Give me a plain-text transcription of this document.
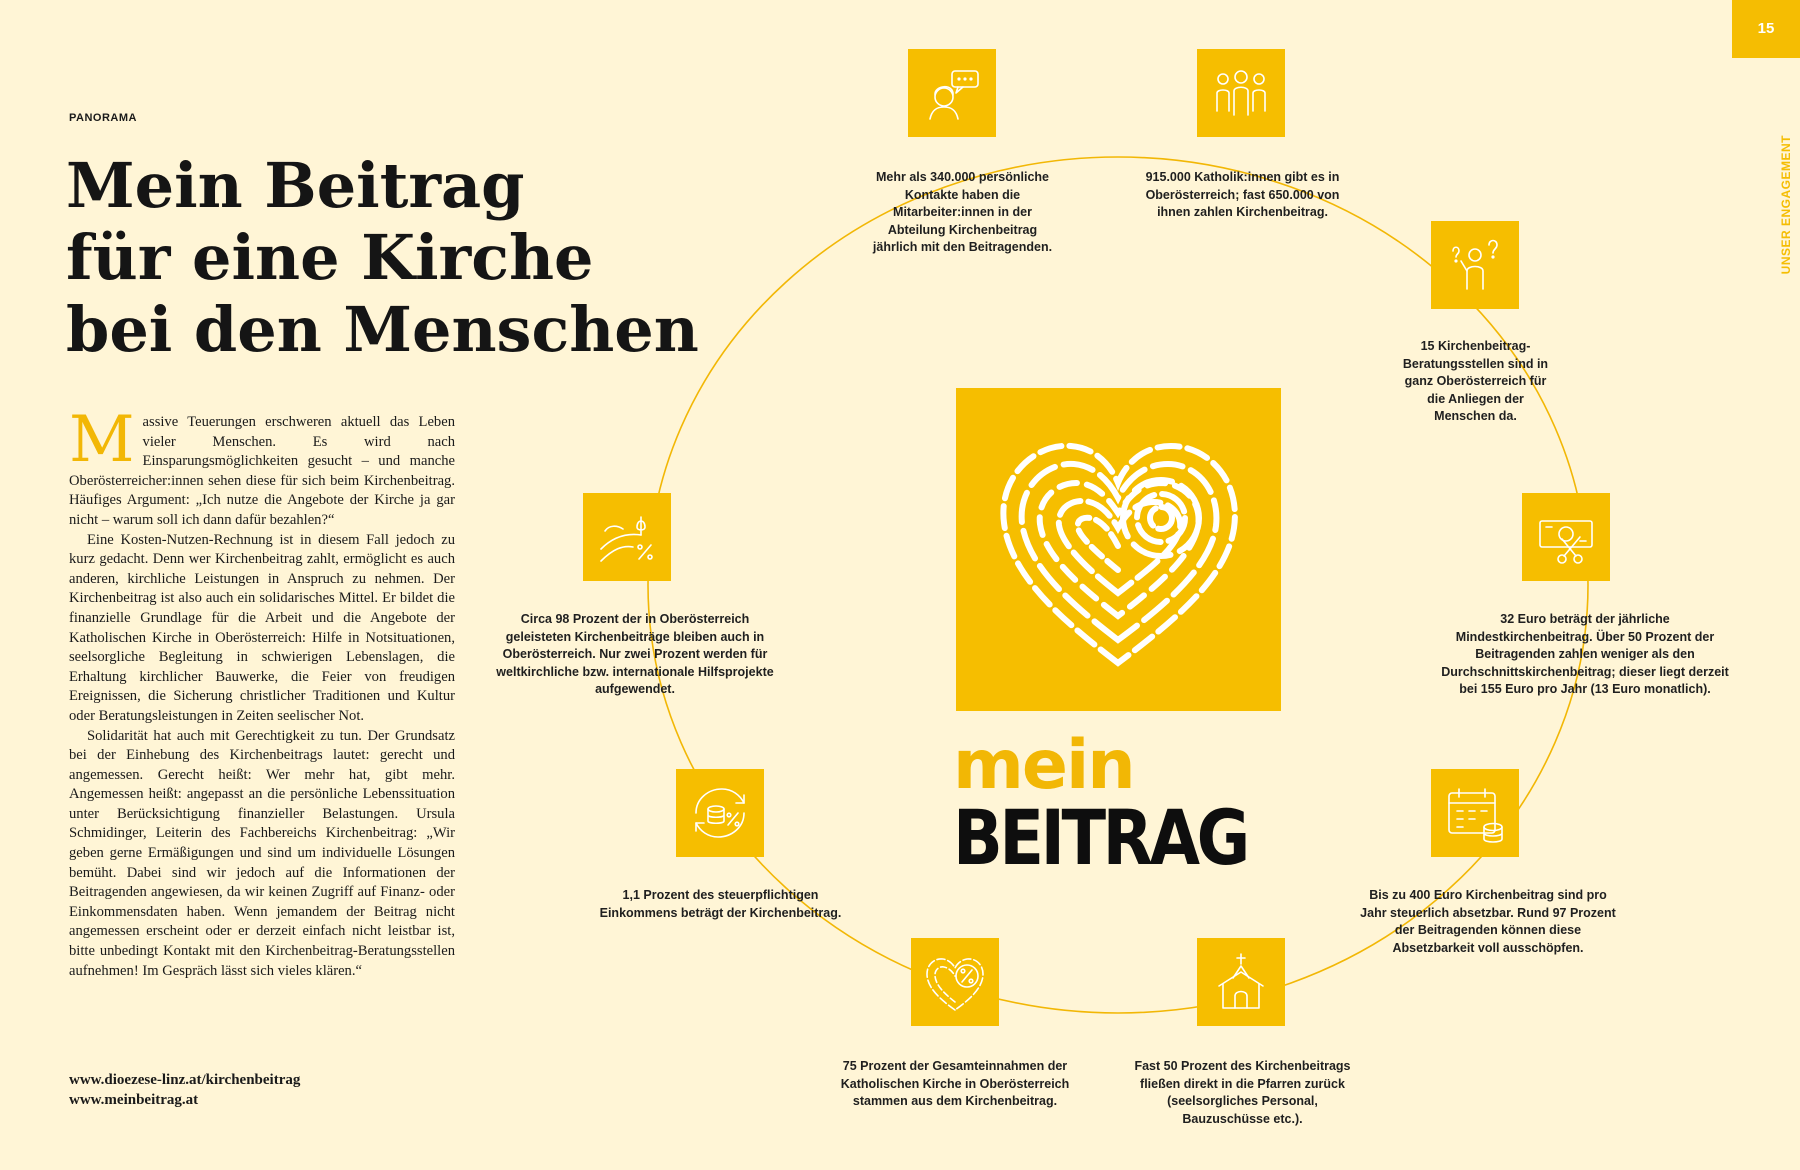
15
UNSER ENGAGEMENT
PANORAMA
Mein Beitrag
für eine Kirche
bei den Menschen

Massive Teuerungen erschweren aktuell das Leben vieler Menschen. Es wird nach Einsparungsmöglichkeiten gesucht – und manche Oberösterreicher:innen sehen diese für sich beim Kirchenbeitrag. Häufiges Argument: „Ich nutze die Angebote der Kirche ja gar nicht – warum soll ich dann dafür bezahlen?“

Eine Kosten-Nutzen-Rechnung ist in diesem Fall jedoch zu kurz gedacht. Denn wer Kirchenbeitrag zahlt, ermöglicht es auch anderen, kirchliche Leistungen in Anspruch zu nehmen. Der Kirchenbeitrag ist also auch ein solidarisches Mittel. Er bildet die finanzielle Grundlage für die Arbeit und die Angebote der Katholischen Kirche in Oberösterreich: Hilfe in Notsituationen, seelsorgliche Begleitung in schwierigen Lebenslagen, die Erhaltung kirchlicher Bauwerke, die Feier von freudigen Ereignissen, die Sicherung christlicher Traditionen und Kultur oder Beratungsleistungen in Zeiten seelischer Not.

Solidarität hat auch mit Gerechtigkeit zu tun. Der Grundsatz bei der Einhebung des Kirchenbeitrags lautet: gerecht und angemessen. Gerecht heißt: Wer mehr hat, gibt mehr. Angemessen heißt: angepasst an die persönliche Lebenssituation unter Berücksichtigung finanzieller Belastungen. Ursula Schmidinger, Leiterin des Fachbereichs Kirchenbeitrag: „Wir geben gerne Ermäßigungen und sind um individuelle Lösungen bemüht. Dabei sind wir jedoch auf die Informationen der Beitragenden angewiesen, da wir keinen Zugriff auf Finanz- oder Einkommensdaten haben. Wenn jemandem der Beitrag nicht angemessen erscheint oder er derzeit einfach nicht leistbar ist, bitte unbedingt Kontakt mit den Kirchenbeitrag-Beratungsstellen aufnehmen! Im Gespräch lässt sich vieles klären.“

www.dioezese-linz.at/kirchenbeitrag
www.meinbeitrag.at
mein
BEITRAG
Mehr als 340.000 persönliche Kontakte haben die Mitarbeiter:innen in der Abteilung Kirchenbeitrag jährlich mit den Beitragenden.
915.000 Katholik:innen gibt es in Oberösterreich; fast 650.000 von ihnen zahlen Kirchenbeitrag.
15 Kirchenbeitrag-Beratungsstellen sind in ganz Oberösterreich für die Anliegen der Menschen da.
32 Euro beträgt der jährliche Mindestkirchenbeitrag. Über 50 Prozent der Beitragenden zahlen weniger als den Durchschnittskirchenbeitrag; dieser liegt derzeit bei 155 Euro pro Jahr (13 Euro monatlich).
Bis zu 400 Euro Kirchenbeitrag sind pro Jahr steuerlich absetzbar. Rund 97 Prozent der Beitragenden können diese Absetzbarkeit voll ausschöpfen.
Fast 50 Prozent des Kirchenbeitrags fließen direkt in die Pfarren zurück (seelsorgliches Personal, Bauzuschüsse etc.).
75 Prozent der Gesamteinnahmen der Katholischen Kirche in Oberösterreich stammen aus dem Kirchenbeitrag.
1,1 Prozent des steuerpflichtigen Einkommens beträgt der Kirchenbeitrag.
Circa 98 Prozent der in Oberösterreich geleisteten Kirchenbeiträge bleiben auch in Oberösterreich. Nur zwei Prozent werden für weltkirchliche bzw. internationale Hilfsprojekte aufgewendet.
